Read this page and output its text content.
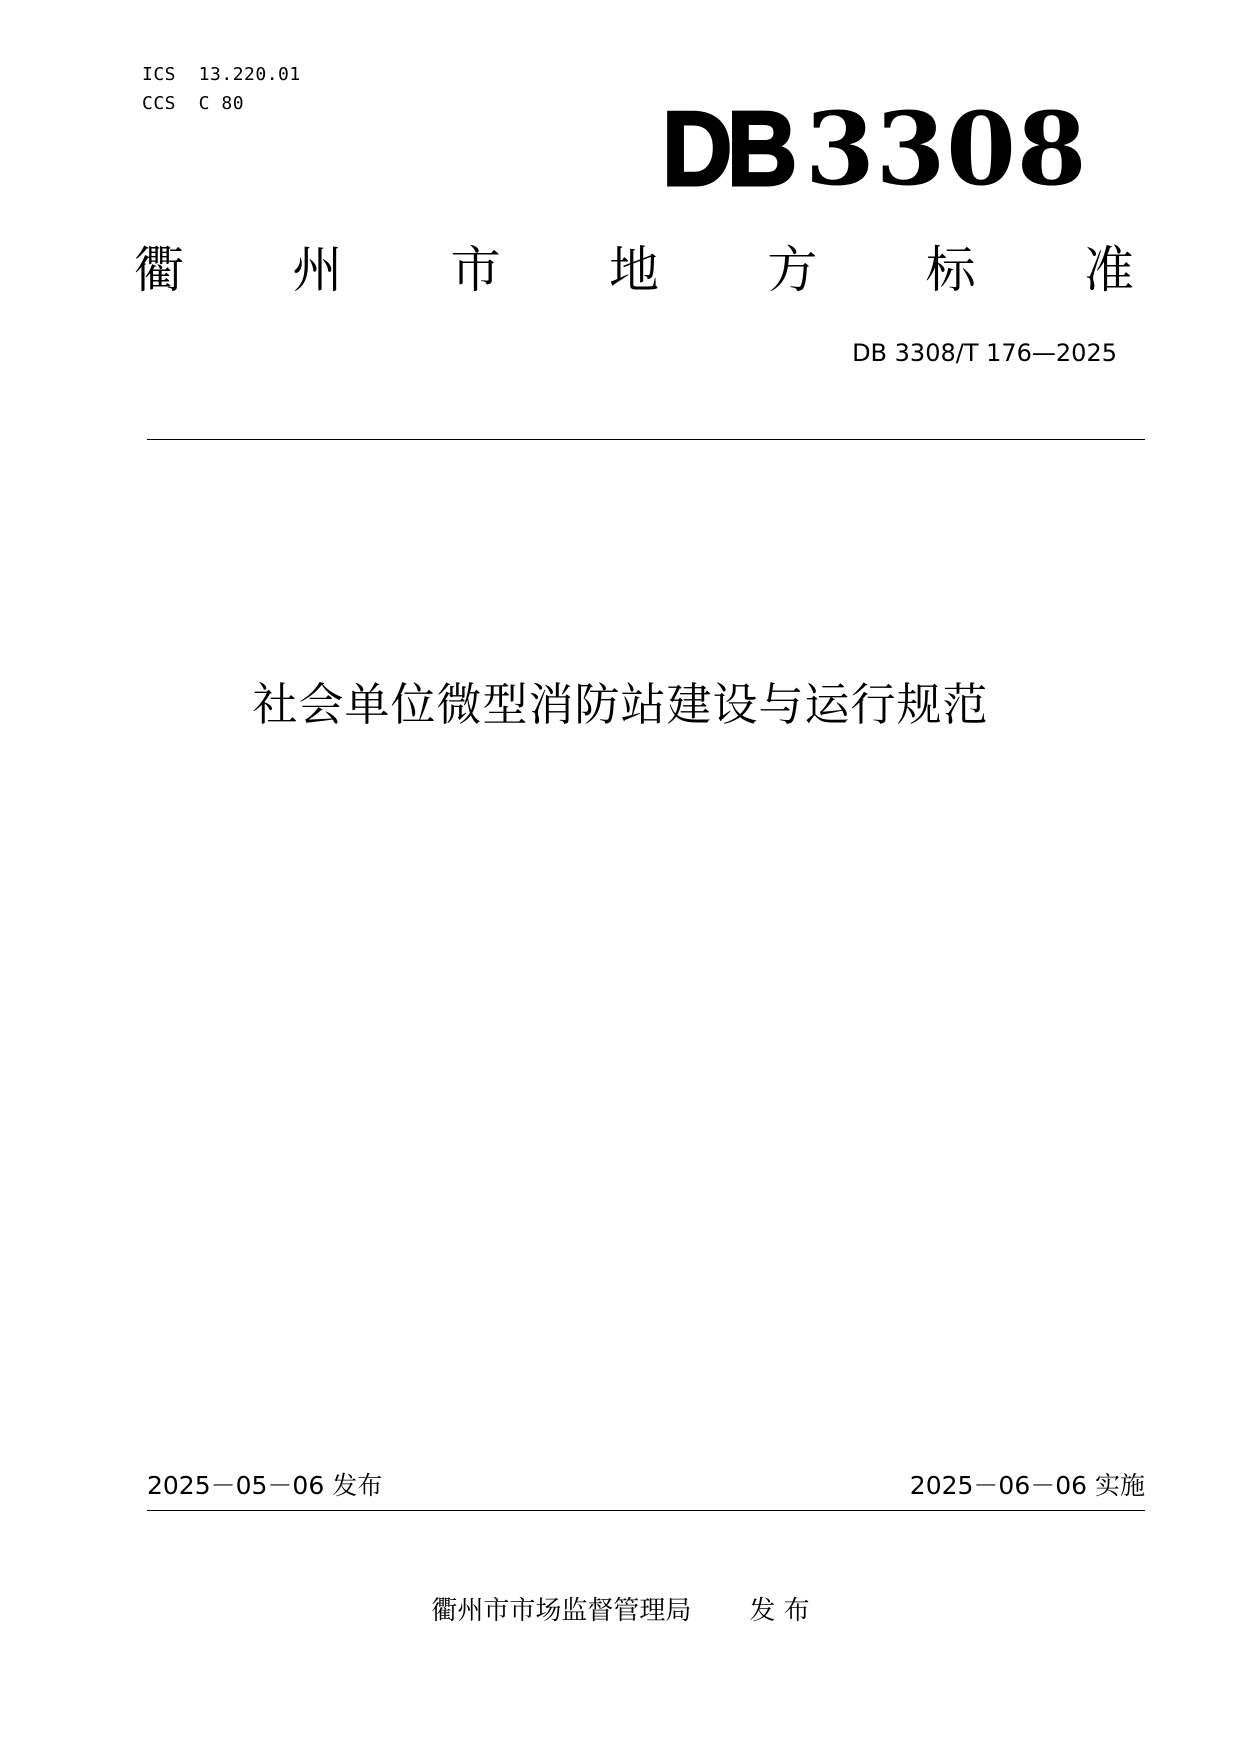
ICS  13.220.01
CCS  C 80	DB 3308
衢 州 市 地 方 标 准
DB 3308/T 176—2025
社会单位微型消防站建设与运行规范
2025－05－06 发布	2025－06－06 实施
衢州市市场监督管理局 发 布
